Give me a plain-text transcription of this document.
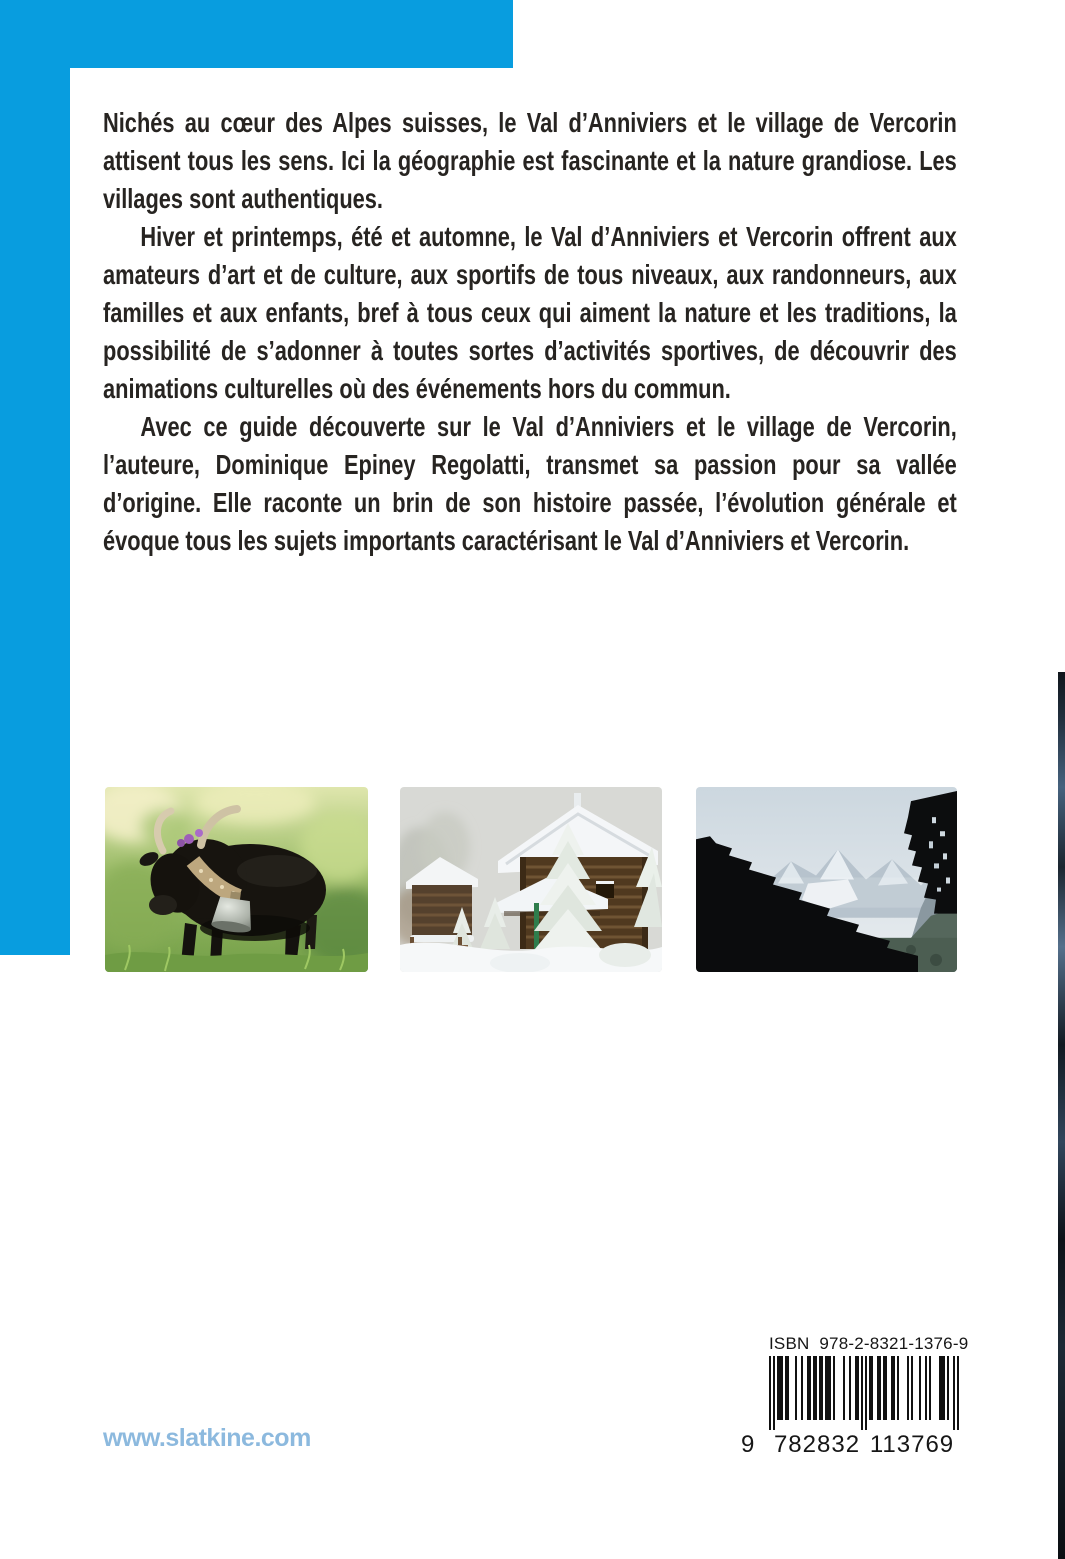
Nichés au cœur des Alpes suisses, le Val d’Anniviers et le village de Vercorin attisent tous les sens. Ici la géographie est fascinante et la nature grandiose. Les villages sont authentiques.

Hiver et printemps, été et automne, le Val d’Anniviers et Vercorin offrent aux amateurs d’art et de culture, aux sportifs de tous niveaux, aux randonneurs, aux familles et aux enfants, bref à tous ceux qui aiment la nature et les traditions, la possibilité de s’adonner à toutes sortes d’activités sportives, de découvrir des animations culturelles où des événements hors du commun.

Avec ce guide découverte sur le Val d’Anniviers et le village de Vercorin, l’auteure, Dominique Epiney Regolatti, transmet sa passion pour sa vallée d’origine. Elle raconte un brin de son histoire passée, l’évolution générale et évoque tous les sujets importants caractérisant le Val d’Anniviers et Vercorin.

ISBN 978-2-8321-1376-9
9 782832 113769
www.slatkine.com
